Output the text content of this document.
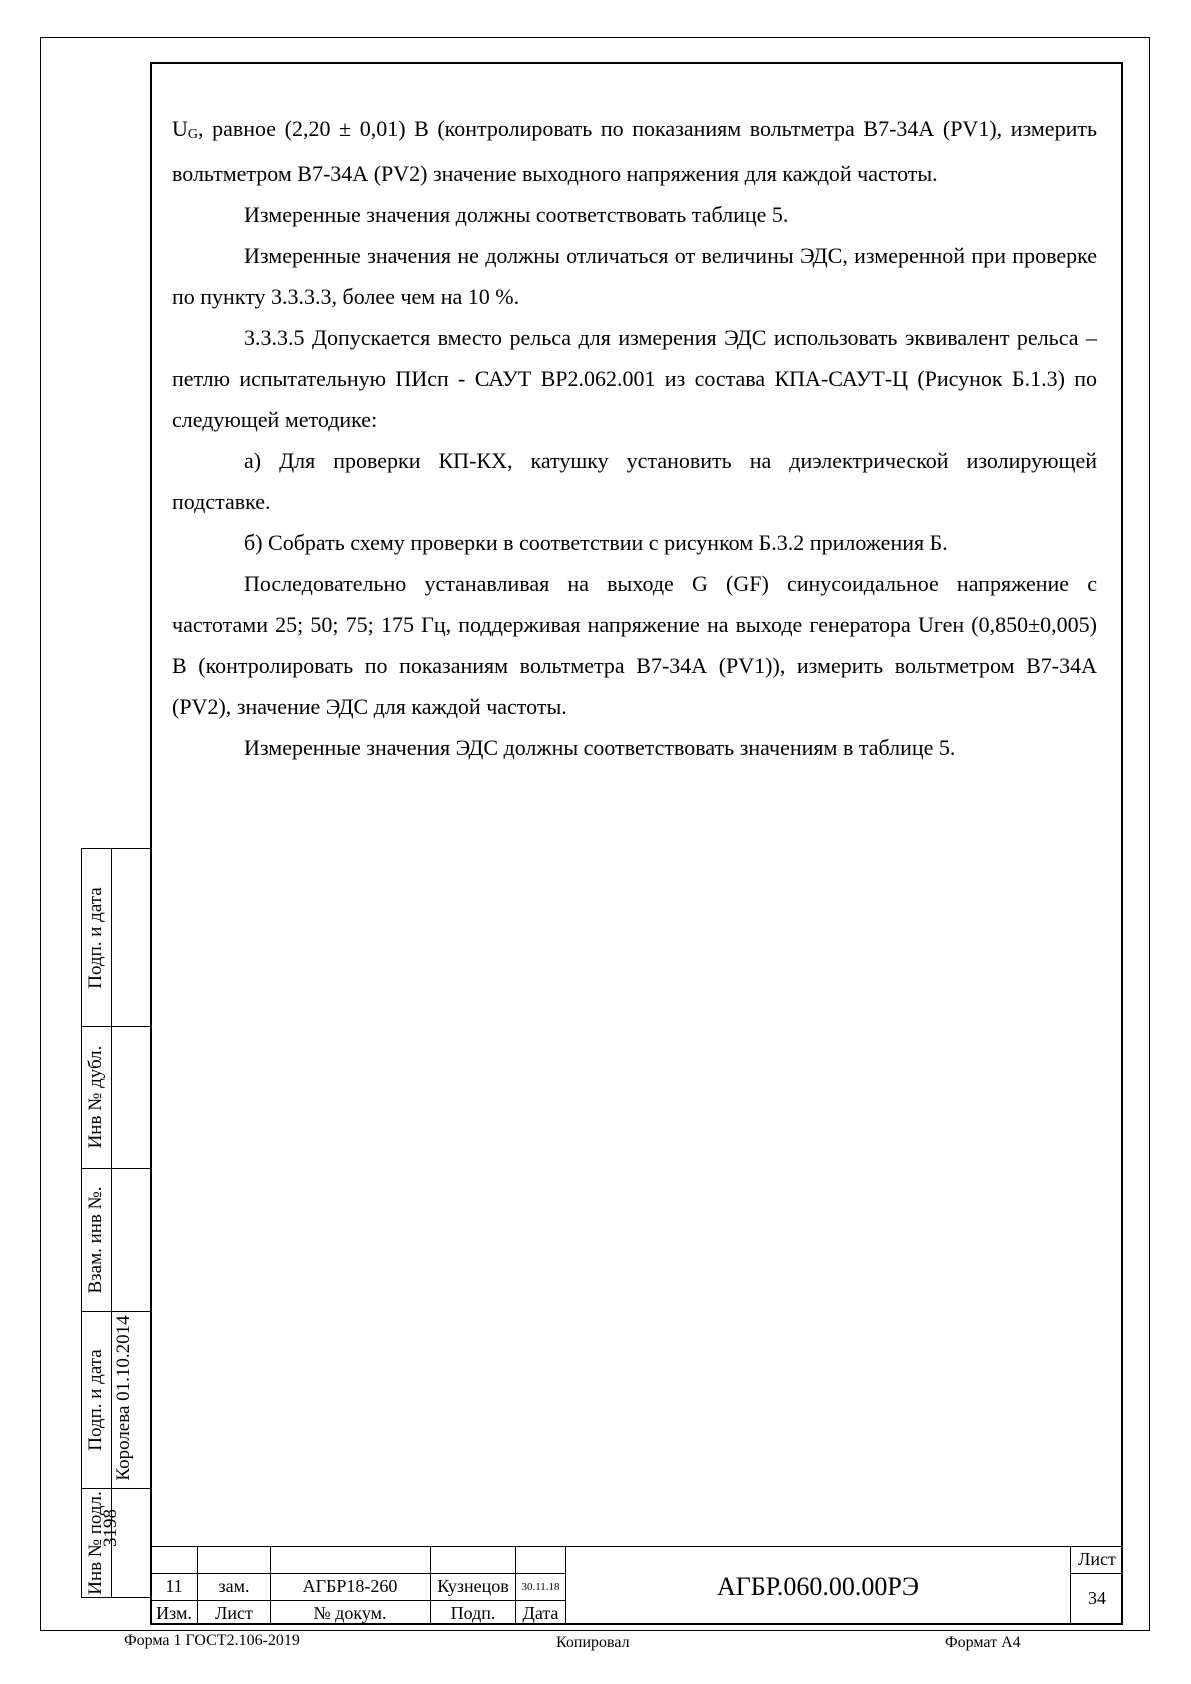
$U_G$, равное (2,20 ± 0,01) В (контролировать по показаниям вольтметра В7-34А (PV1), измерить вольтметром В7-34А (PV2) значение выходного напряжения для каждой частоты.

Измеренные значения должны соответствовать таблице 5.

Измеренные значения не должны отличаться от величины ЭДС, измеренной при проверке по пункту 3.3.3.3, более чем на 10 %.

3.3.3.5 Допускается вместо рельса для измерения ЭДС использовать эквивалент рельса – петлю испытательную ПИсп - САУТ ВР2.062.001 из состава КПА-САУТ-Ц (Рисунок Б.1.3) по следующей методике:

а) Для проверки КП-КХ, катушку установить на диэлектрической изолирующей подставке.

б) Собрать схему проверки в соответствии с рисунком Б.3.2 приложения Б.

Последовательно устанавливая на выходе G (GF) синусоидальное напряжение с частотами 25; 50; 75; 175 Гц, поддерживая напряжение на выходе генератора Uген (0,850±0,005) В (контролировать по показаниям вольтметра В7-34А (PV1)), измерить вольтметром В7-34А (PV2), значение ЭДС для каждой частоты.

Измеренные значения ЭДС должны соответствовать значениям в таблице 5.

Подп. и дата
Инв № дубл.
Взам. инв №.
Подп. и дата Королева 01.10.2014
Инв № подл.
3198
11	зам.	АГБР18-260	Кузнецов	30.11.18
Изм.	Лист	№ докум.	Подп.	Дата
АГБР.060.00.00РЭ
Лист
34
Форма 1 ГОСТ2.106-2019	Копировал	Формат А4
